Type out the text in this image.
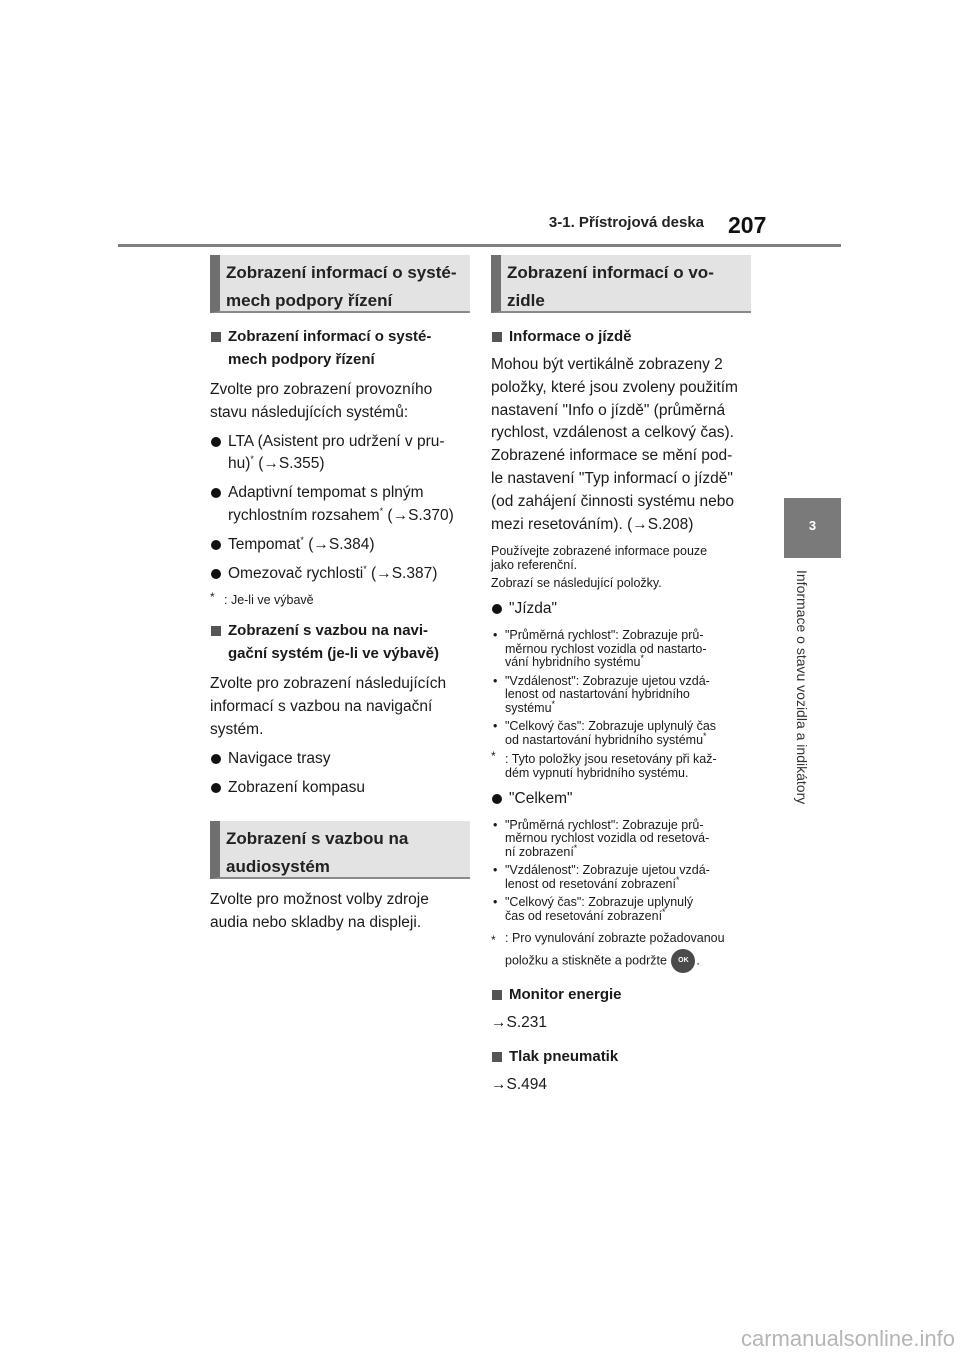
3-1. Přístrojová deska 207
3
Informace o stavu vozidla a indikátory
Zobrazení informací o systé-
mech podpory řízení
Zobrazení informací o systé-
mech podpory řízení
Zvolte pro zobrazení provozního
stavu následujících systémů:
LTA (Asistent pro udržení v pru-
hu)* (→S.355)
Adaptivní tempomat s plným
rychlostním rozsahem* (→S.370)
Tempomat* (→S.384)
Omezovač rychlosti* (→S.387)
* : Je-li ve výbavě
Zobrazení s vazbou na navi-
gační systém (je-li ve výbavě)
Zvolte pro zobrazení následujících
informací s vazbou na navigační
systém.
Navigace trasy
Zobrazení kompasu
Zobrazení s vazbou na
audiosystém
Zvolte pro možnost volby zdroje
audia nebo skladby na displeji.
Zobrazení informací o vo-
zidle
Informace o jízdě
Mohou být vertikálně zobrazeny 2
položky, které jsou zvoleny použitím
nastavení "Info o jízdě" (průměrná
rychlost, vzdálenost a celkový čas).
Zobrazené informace se mění pod-
le nastavení "Typ informací o jízdě"
(od zahájení činnosti systému nebo
mezi resetováním). (→S.208)
Používejte zobrazené informace pouze
jako referenční.
Zobrazí se následující položky.
"Jízda"
• "Průměrná rychlost": Zobrazuje prů-
měrnou rychlost vozidla od nastarto-
vání hybridního systému*
• "Vzdálenost": Zobrazuje ujetou vzdá-
lenost od nastartování hybridního
systému*
• "Celkový čas": Zobrazuje uplynulý čas
od nastartování hybridního systému*
* : Tyto položky jsou resetovány při kaž-
dém vypnutí hybridního systému.
"Celkem"
• "Průměrná rychlost": Zobrazuje prů-
měrnou rychlost vozidla od resetová-
ní zobrazení*
• "Vzdálenost": Zobrazuje ujetou vzdá-
lenost od resetování zobrazení*
• "Celkový čas": Zobrazuje uplynulý
čas od resetování zobrazení*
* : Pro vynulování zobrazte požadovanou
položku a stiskněte a podržte OK .
Monitor energie
→S.231
Tlak pneumatik
→S.494
carmanualsonline.info
